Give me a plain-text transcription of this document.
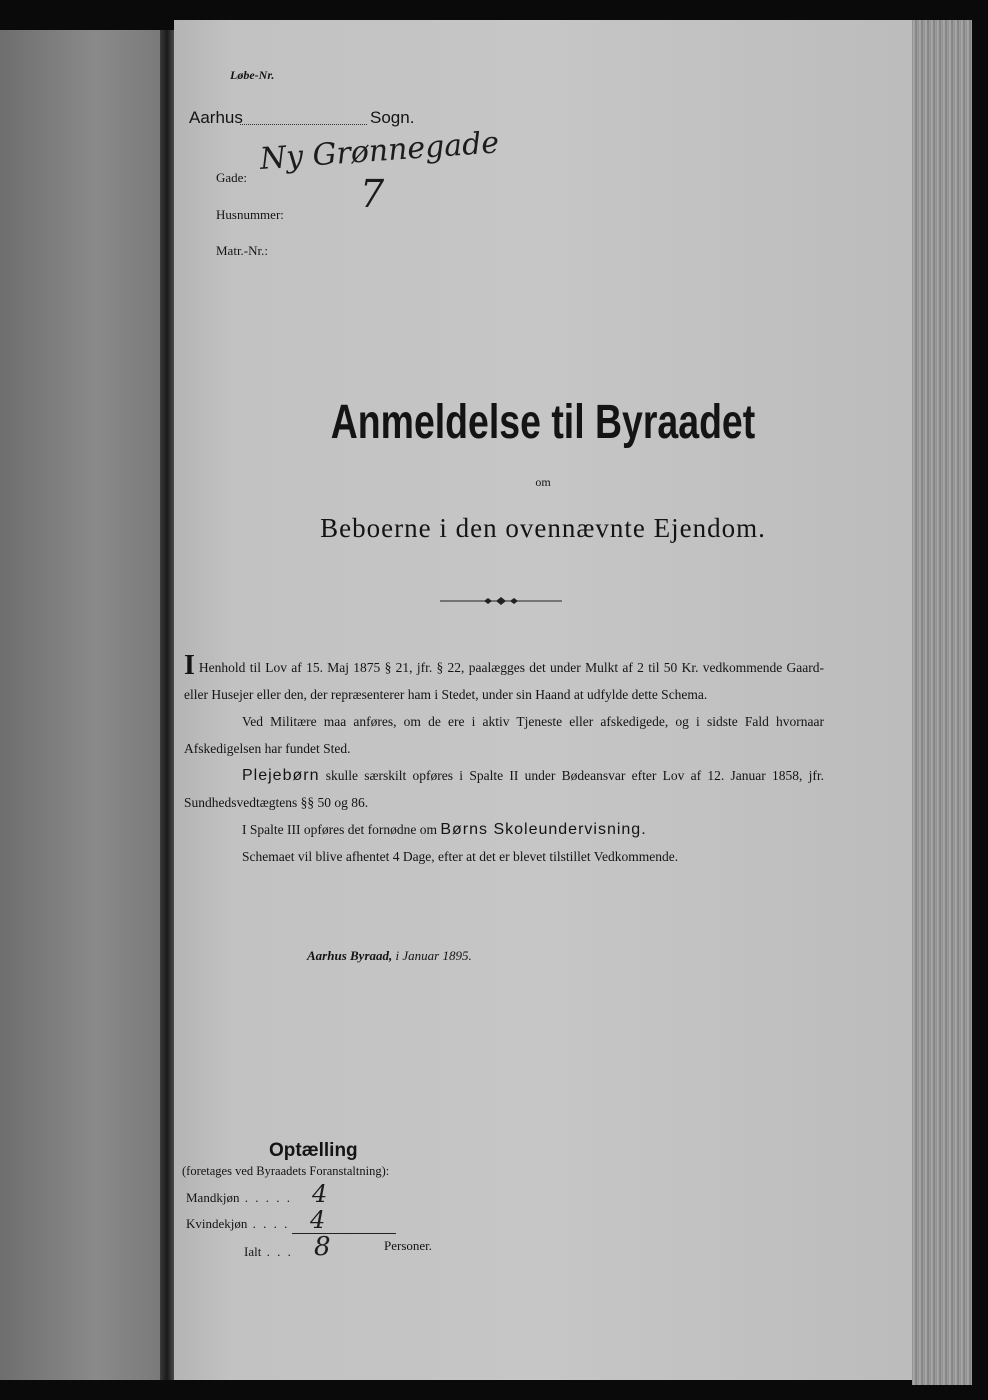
Løbe-Nr.
Aarhus	Sogn.
Gade:
Ny Grønnegade
Husnummer: 7
Matr.-Nr.:
Anmeldelse til Byraadet
om
Beboerne i den ovennævnte Ejendom.

I Henhold til Lov af 15. Maj 1875 § 21, jfr. § 22, paalægges det under Mulkt af 2 til 50 Kr. vedkommende Gaard- eller Husejer eller den, der repræsenterer ham i Stedet, under sin Haand at udfylde dette Schema.

Ved Militære maa anføres, om de ere i aktiv Tjeneste eller afskedigede, og i sidste Fald hvornaar Afskedigelsen har fundet Sted.

Plejebørn skulle særskilt opføres i Spalte II under Bødeansvar efter Lov af 12. Januar 1858, jfr. Sundhedsvedtægtens §§ 50 og 86.

I Spalte III opføres det fornødne om Børns Skoleundervisning.

Schemaet vil blive afhentet 4 Dage, efter at det er blevet tilstillet Vedkommende.

Aarhus Byraad, i Januar 1895.
Optælling
(foretages ved Byraadets Foranstaltning):
Mandkjøn . . . . . 4
Kvindekjøn . . . . 4
Ialt . . . 8	Personer.
